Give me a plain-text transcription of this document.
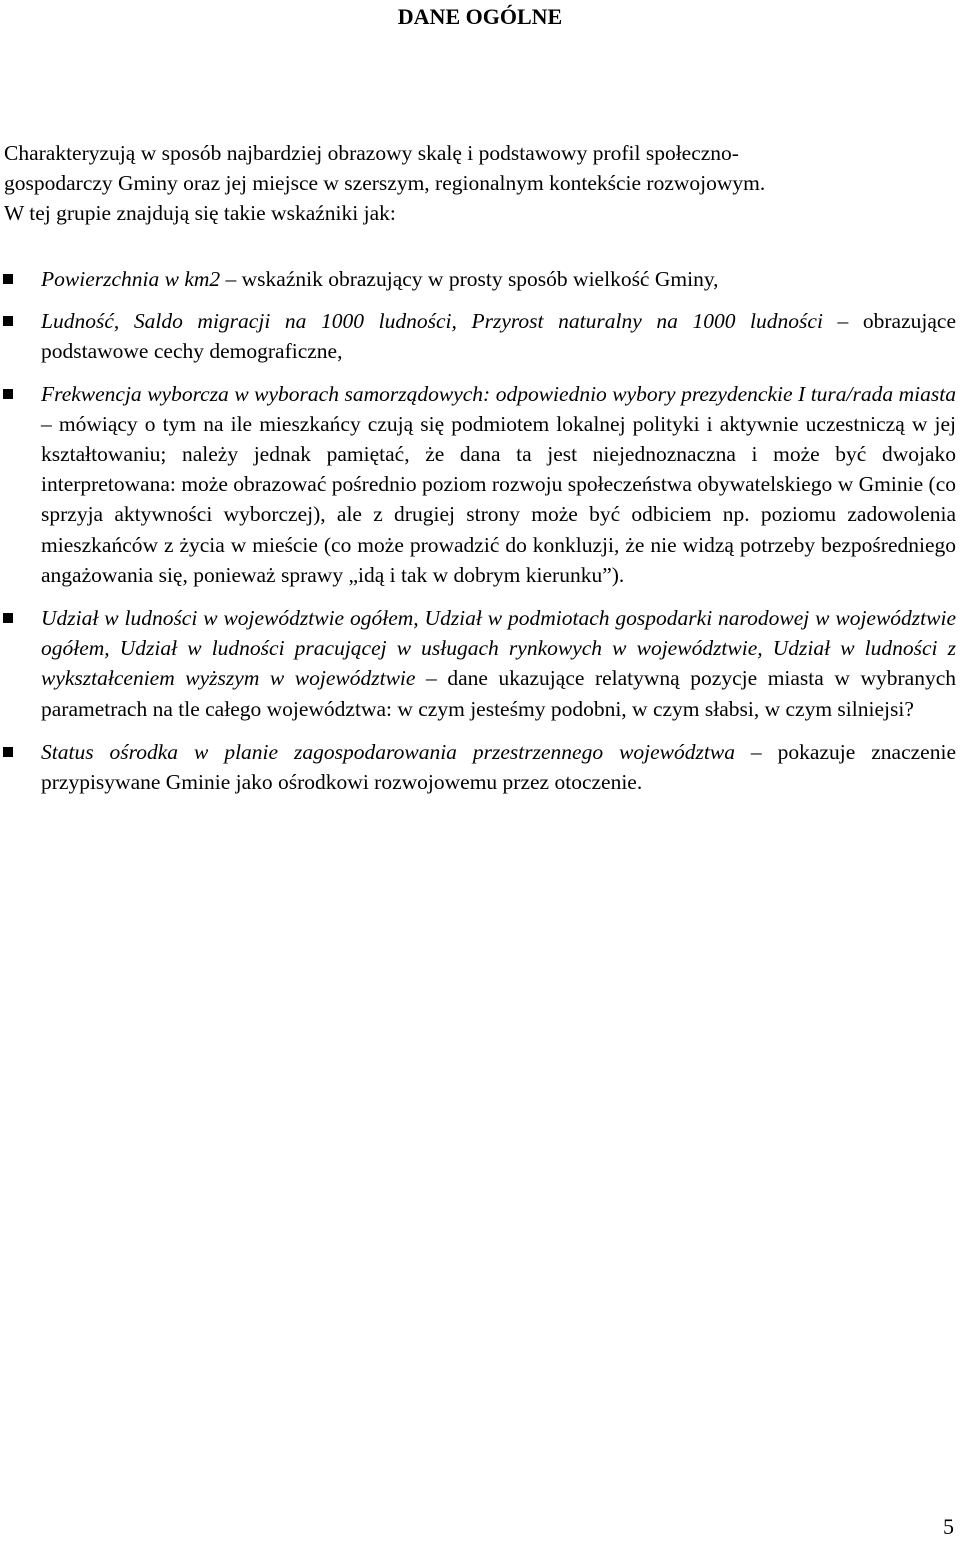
DANE OGÓLNE

Charakteryzują w sposób najbardziej obrazowy skalę i podstawowy profil społeczno-
gospodarczy Gminy oraz jej miejsce w szerszym, regionalnym kontekście rozwojowym.
W tej grupie znajdują się takie wskaźniki jak:

Powierzchnia w km2 – wskaźnik obrazujący w prosty sposób wielkość Gminy,
Ludność, Saldo migracji na 1000 ludności, Przyrost naturalny na 1000 ludności – obrazujące podstawowe cechy demograficzne,
Frekwencja wyborcza w wyborach samorządowych: odpowiednio wybory prezydenckie I tura/rada miasta – mówiący o tym na ile mieszkańcy czują się podmiotem lokalnej polityki i aktywnie uczestniczą w jej kształtowaniu; należy jednak pamiętać, że dana ta jest niejednoznaczna i może być dwojako interpretowana: może obrazować pośrednio poziom rozwoju społeczeństwa obywatelskiego w Gminie (co sprzyja aktywności wyborczej), ale z drugiej strony może być odbiciem np. poziomu zadowolenia mieszkańców z życia w mieście (co może prowadzić do konkluzji, że nie widzą potrzeby bezpośredniego angażowania się, ponieważ sprawy „idą i tak w dobrym kierunku”).
Udział w ludności w województwie ogółem, Udział w podmiotach gospodarki narodowej w województwie ogółem, Udział w ludności pracującej w usługach rynkowych w województwie, Udział w ludności z wykształceniem wyższym w województwie – dane ukazujące relatywną pozycje miasta w wybranych parametrach na tle całego województwa: w czym jesteśmy podobni, w czym słabsi, w czym silniejsi?
Status ośrodka w planie zagospodarowania przestrzennego województwa – pokazuje znaczenie przypisywane Gminie jako ośrodkowi rozwojowemu przez otoczenie.
5
